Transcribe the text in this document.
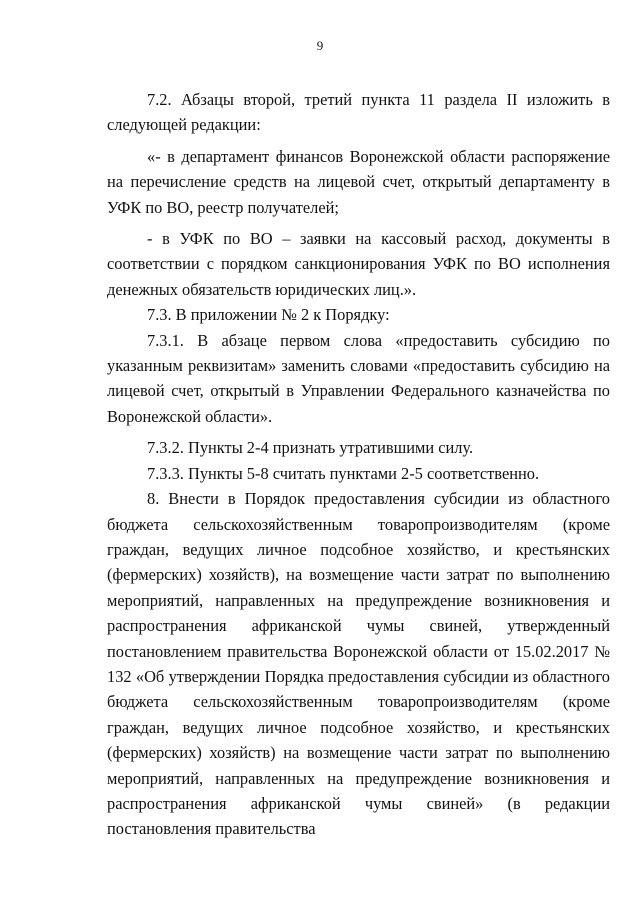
9

7.2. Абзацы второй, третий пункта 11 раздела II изложить в следующей редакции:

«- в департамент финансов Воронежской области распоряжение на перечисление средств на лицевой счет, открытый департаменту в УФК по ВО, реестр получателей;

- в УФК по ВО – заявки на кассовый расход, документы в соответствии с порядком санкционирования УФК по ВО исполнения денежных обязательств юридических лиц.».

7.3. В приложении № 2 к Порядку:

7.3.1. В абзаце первом слова «предоставить субсидию по указанным реквизитам» заменить словами «предоставить субсидию на лицевой счет, открытый в Управлении Федерального казначейства по Воронежской области».

7.3.2. Пункты 2-4 признать утратившими силу.

7.3.3. Пункты 5-8 считать пунктами 2-5 соответственно.

8. Внести в Порядок предоставления субсидии из областного бюджета сельскохозяйственным товаропроизводителям (кроме граждан, ведущих личное подсобное хозяйство, и крестьянских (фермерских) хозяйств), на возмещение части затрат по выполнению мероприятий, направленных на предупреждение возникновения и распространения африканской чумы свиней, утвержденный постановлением правительства Воронежской области от 15.02.2017 № 132 «Об утверждении Порядка предоставления субсидии из областного бюджета сельскохозяйственным товаропроизводителям (кроме граждан, ведущих личное подсобное хозяйство, и крестьянских (фермерских) хозяйств) на возмещение части затрат по выполнению мероприятий, направленных на предупреждение возникновения и распространения африканской чумы свиней» (в редакции постановления правительства
